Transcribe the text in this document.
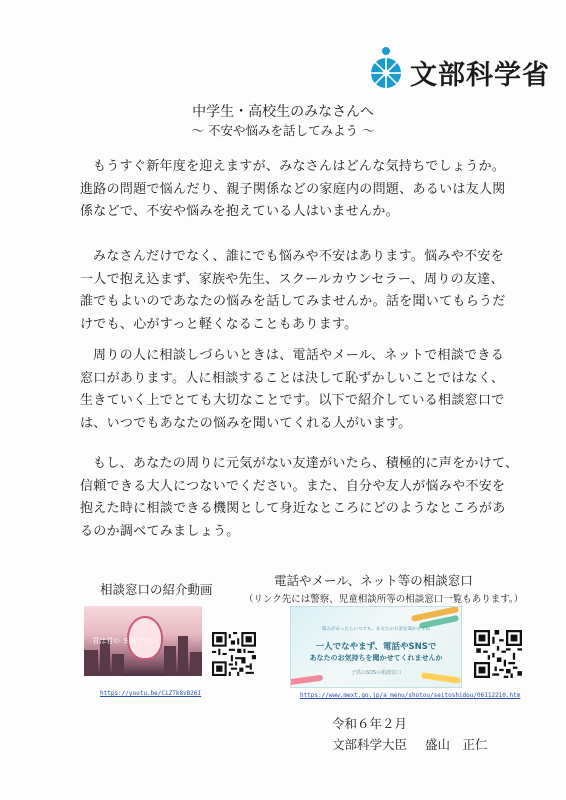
文部科学省
中学生・高校生のみなさんへ
～ 不安や悩みを話してみよう ～
もうすぐ新年度を迎えますが、みなさんはどんな気持ちでしょうか。
進路の問題で悩んだり、親子関係などの家庭内の問題、あるいは友人関
係などで、不安や悩みを抱えている人はいませんか。
みなさんだけでなく、誰にでも悩みや不安はあります。悩みや不安を
一人で抱え込まず、家族や先生、スクールカウンセラー、周りの友達、
誰でもよいのであなたの悩みを話してみませんか。話を聞いてもらうだ
けでも、心がすっと軽くなることもあります。
周りの人に相談しづらいときは、電話やメール、ネットで相談できる
窓口があります。人に相談することは決して恥ずかしいことではなく、
生きていく上でとても大切なことです。以下で紹介している相談窓口で
は、いつでもあなたの悩みを聞いてくれる人がいます。
もし、あなたの周りに元気がない友達がいたら、積極的に声をかけて、
信頼できる大人につないでください。また、自分や友人が悩みや不安を
抱えた時に相談できる機関として身近なところにどのようなところがあ
るのか調べてみましょう。
相談窓口の紹介動画
君は君の ままでいい
https://youtu.be/CiZTk8vB26I
電話やメール、ネット等の相談窓口
（リンク先には警察、児童相談所等の相談窓口一覧もあります。）
悩みがあったらいつでも、あなたのお話を聞かせてね
一人でなやまず、電話やSNSで
あなたのお気持ちを聞かせてくれませんか
子供のSOSの相談窓口
https://www.mext.go.jp/a_menu/shotou/seitoshidou/06112210.htm
令和６年２月
文部科学大臣 盛山　正仁
